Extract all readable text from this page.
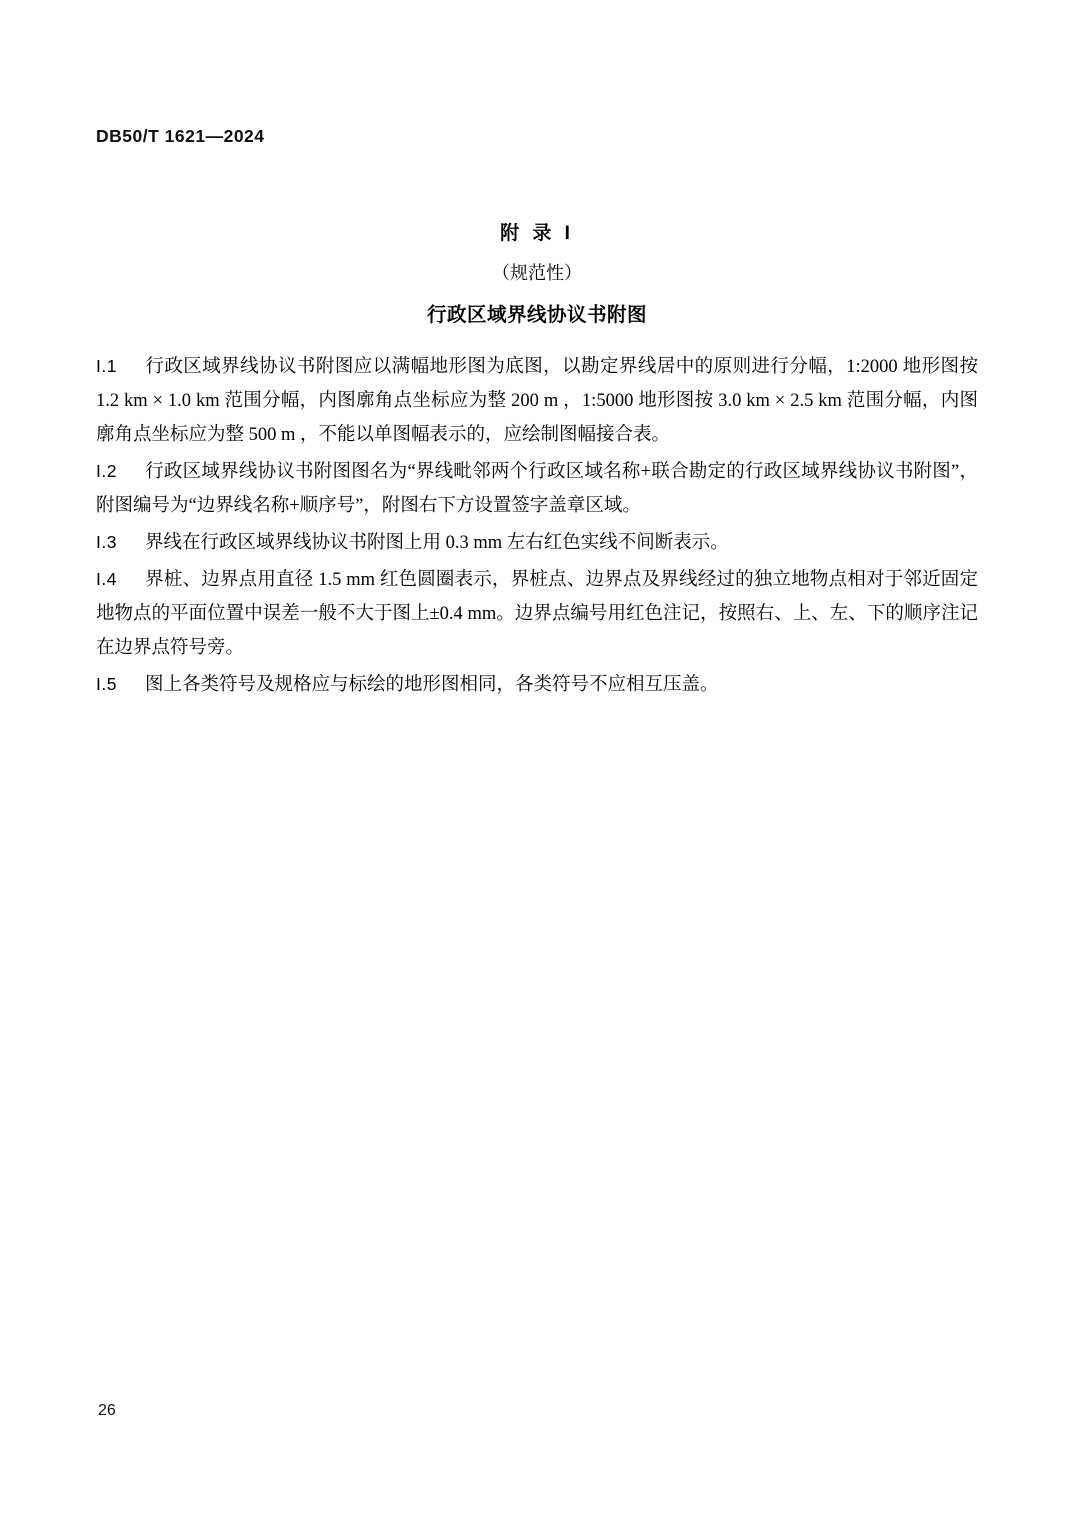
DB50/T 1621—2024
附 录 I
（规范性）
行政区域界线协议书附图

I.1 行政区域界线协议书附图应以满幅地形图为底图，以勘定界线居中的原则进行分幅，1:2000 地形图按 1.2 km × 1.0 km 范围分幅，内图廓角点坐标应为整 200 m ，1:5000 地形图按 3.0 km × 2.5 km 范围分幅，内图廓角点坐标应为整 500 m ，不能以单图幅表示的，应绘制图幅接合表。

I.2 行政区域界线协议书附图图名为“界线毗邻两个行政区域名称+联合勘定的行政区域界线协议书附图”，附图编号为“边界线名称+顺序号”，附图右下方设置签字盖章区域。

I.3 界线在行政区域界线协议书附图上用 0.3 mm 左右红色实线不间断表示。

I.4 界桩、边界点用直径 1.5 mm 红色圆圈表示，界桩点、边界点及界线经过的独立地物点相对于邻近固定地物点的平面位置中误差一般不大于图上±0.4 mm。边界点编号用红色注记，按照右、上、左、下的顺序注记在边界点符号旁。

I.5 图上各类符号及规格应与标绘的地形图相同，各类符号不应相互压盖。

26
